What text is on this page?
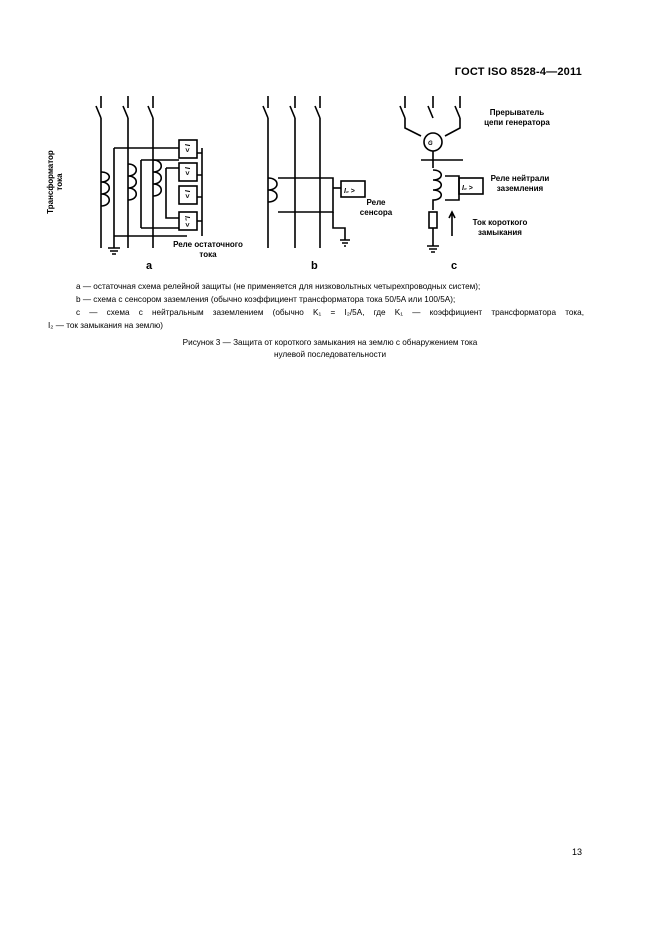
ГОСТ ISO 8528-4—2011
I >
I >
I >
I₀ >
I₀ >	I₀ >
G
Трансформатор тока
Реле остаточного
тока
Реле
сенсора
Прерыватель
цепи генератора
Реле нейтрали
заземления
Ток короткого
замыкания
a	b	c
a — остаточная схема релейной защиты (не применяется для низковольтных четырехпроводных систем);
b — схема с сенсором заземления (обычно коэффициент трансформатора тока 50/5A или 100/5A);
c — схема с нейтральным заземлением (обычно K₁ = I₂/5A, где K₁ — коэффициент трансформатора тока,
I₂ — ток замыкания на землю)
Рисунок 3 — Защита от короткого замыкания на землю с обнаружением тока
нулевой последовательности
13
